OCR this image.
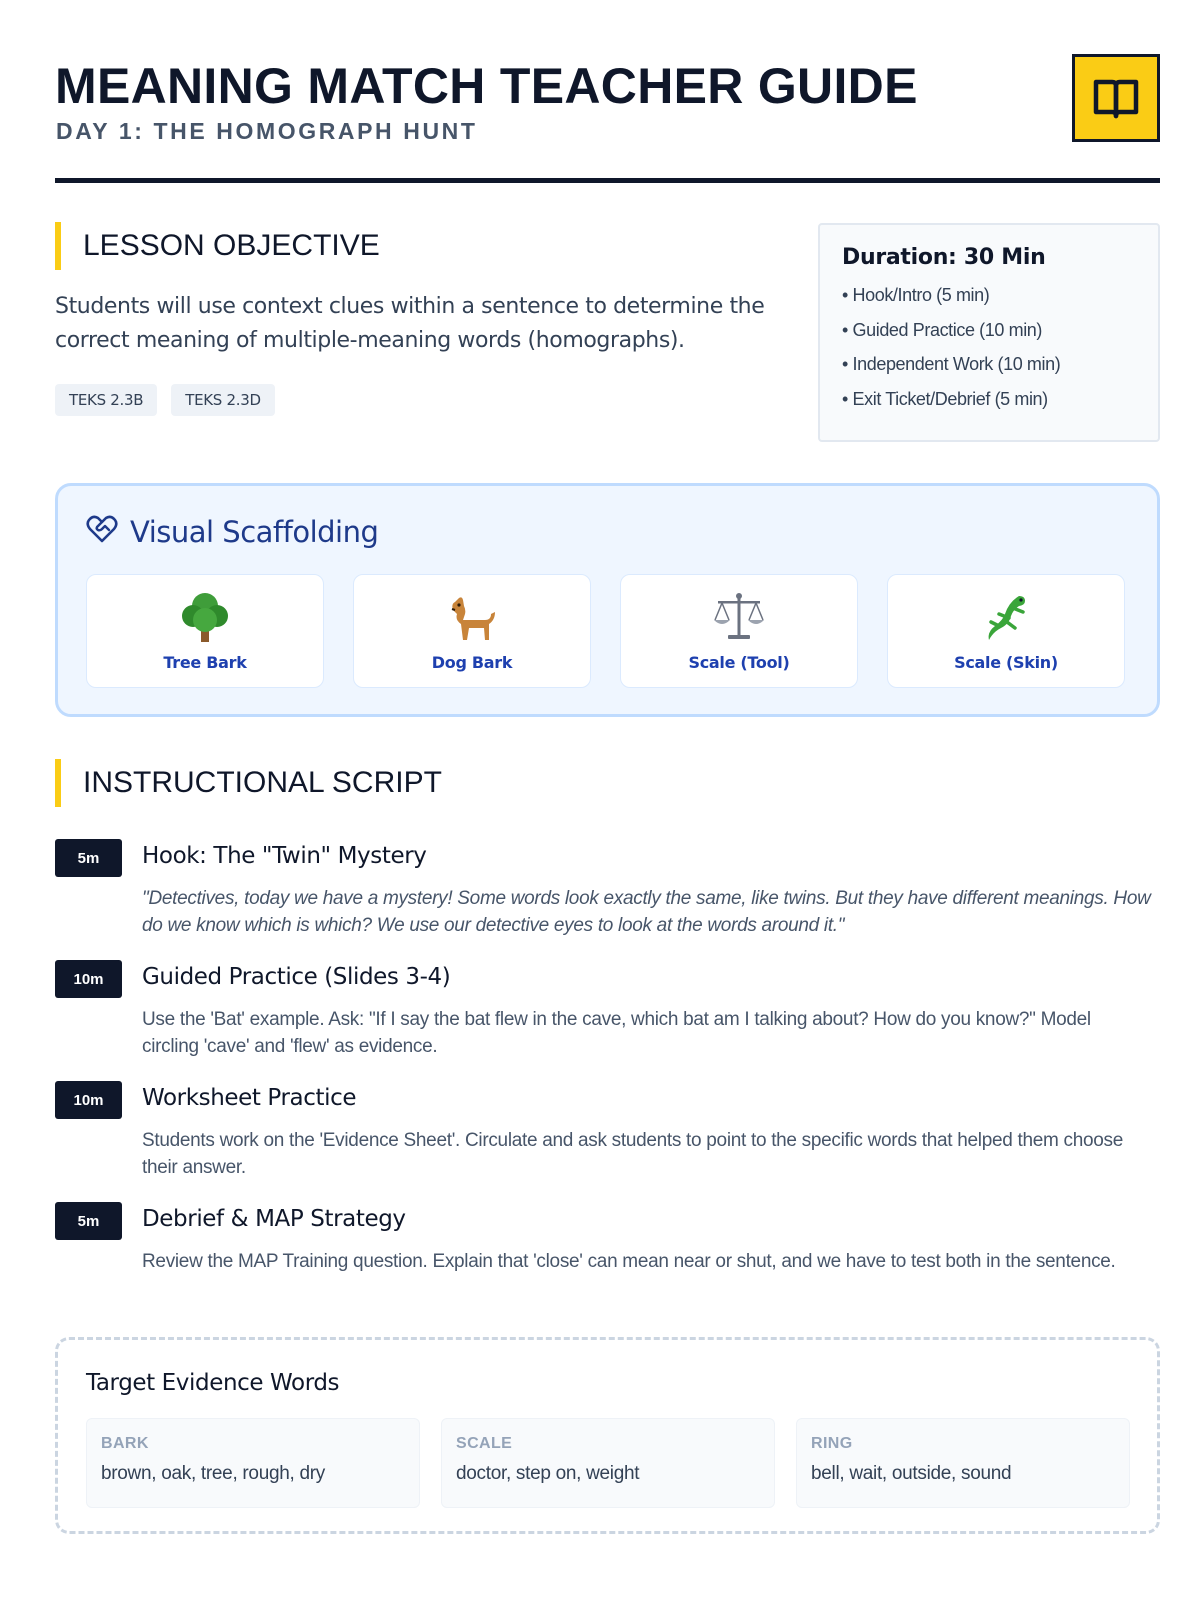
MEANING MATCH TEACHER GUIDE
DAY 1: THE HOMOGRAPH HUNT
LESSON OBJECTIVE
Students will use context clues within a sentence to determine the correct meaning of multiple-meaning words (homographs).
TEKS 2.3B	TEKS 2.3D
Duration: 30 Min
• Hook/Intro (5 min)
• Guided Practice (10 min)
• Independent Work (10 min)
• Exit Ticket/Debrief (5 min)
Visual Scaffolding
Tree Bark	Dog Bark	Scale (Tool)	Scale (Skin)
INSTRUCTIONAL SCRIPT
5m	Hook: The "Twin" Mystery
"Detectives, today we have a mystery! Some words look exactly the same, like twins. But they have different meanings. How do we know which is which? We use our detective eyes to look at the words around it."
10m	Guided Practice (Slides 3-4)
Use the 'Bat' example. Ask: "If I say the bat flew in the cave, which bat am I talking about? How do you know?" Model circling 'cave' and 'flew' as evidence.
10m	Worksheet Practice
Students work on the 'Evidence Sheet'. Circulate and ask students to point to the specific words that helped them choose their answer.
5m	Debrief & MAP Strategy
Review the MAP Training question. Explain that 'close' can mean near or shut, and we have to test both in the sentence.
Target Evidence Words
BARK
brown, oak, tree, rough, dry
SCALE
doctor, step on, weight
RING
bell, wait, outside, sound
